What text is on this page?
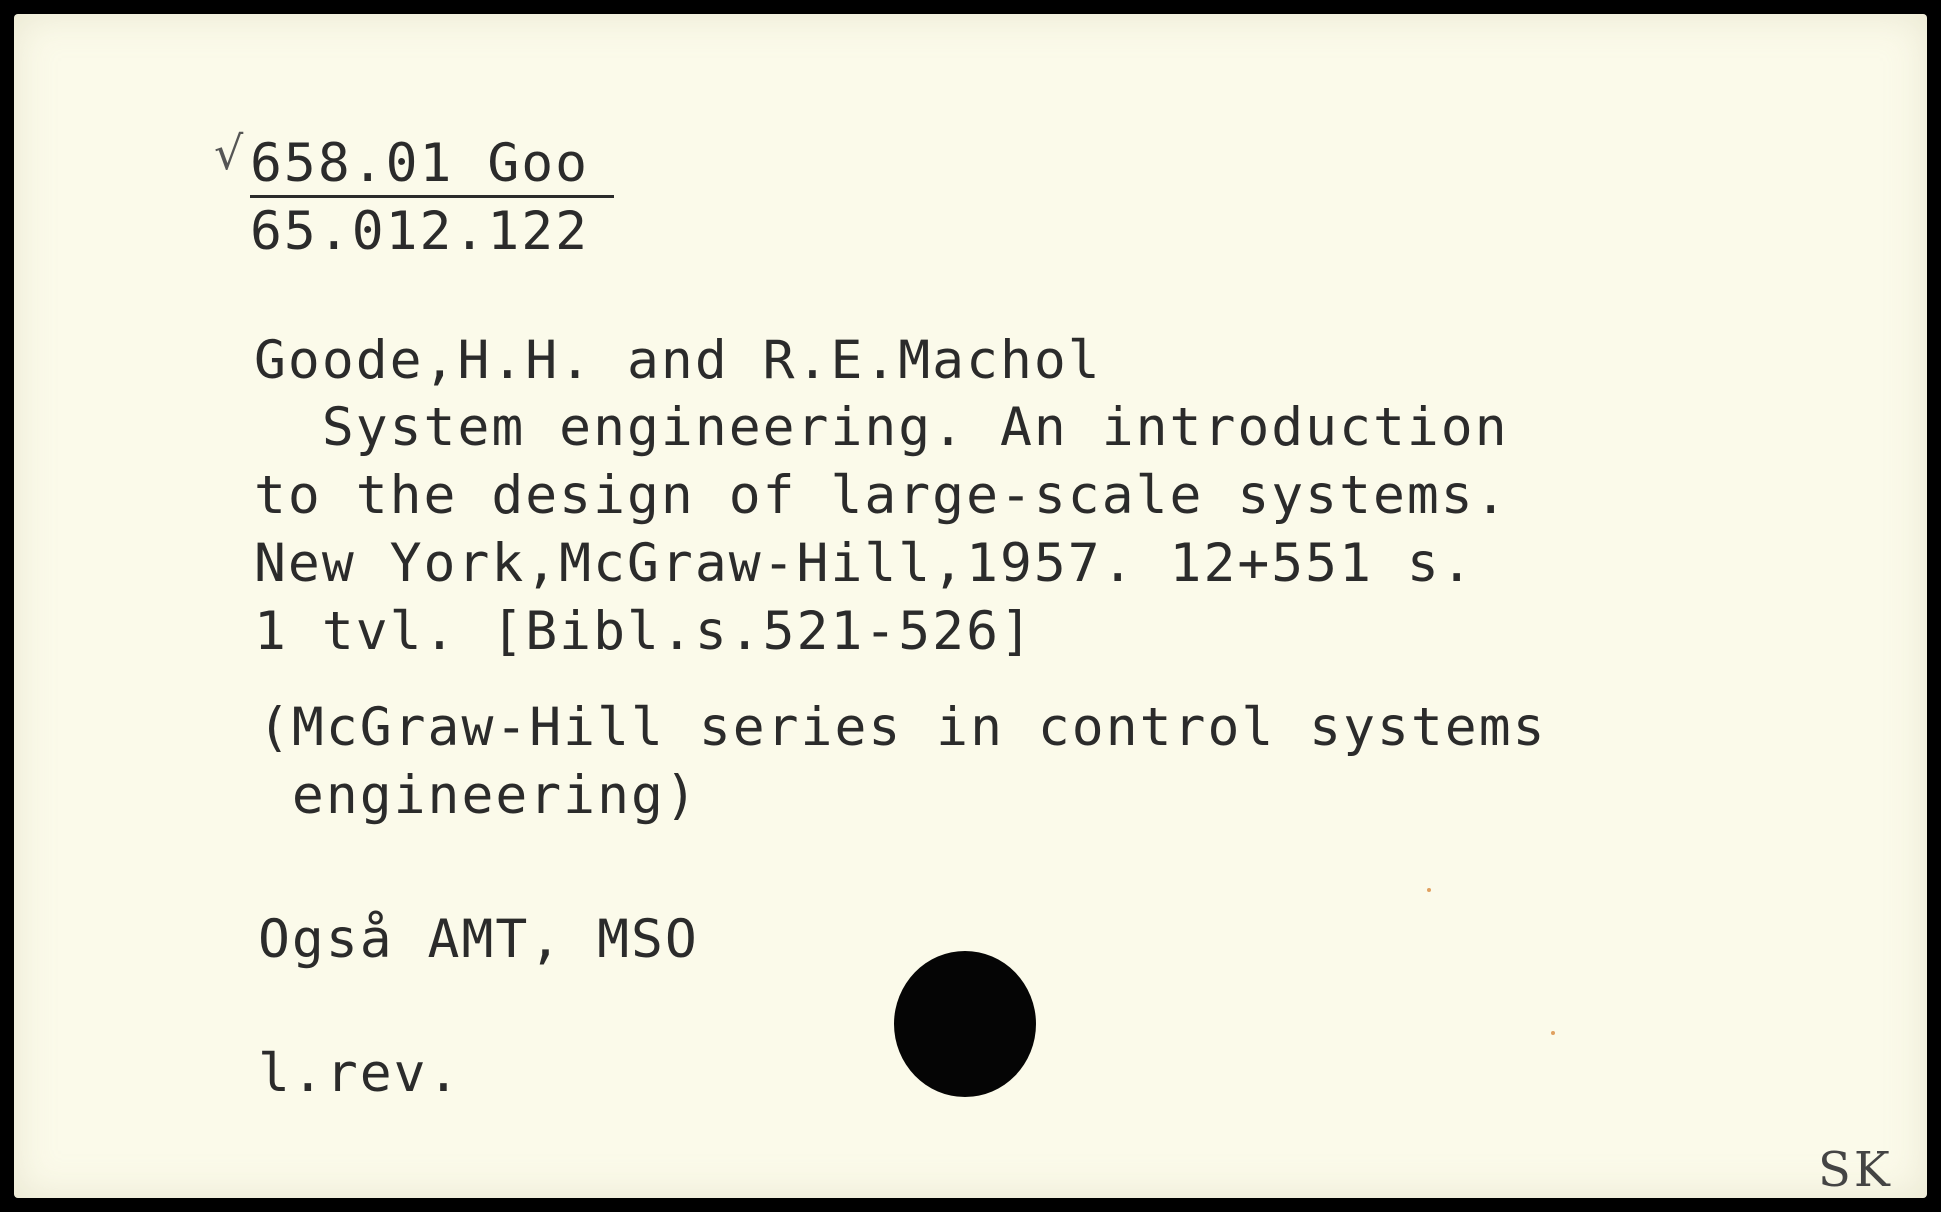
√ 658.01 Goo
65.012.122
Goode,H.H. and R.E.Machol
System engineering. An introduction
to the design of large-scale systems.
New York,McGraw-Hill,1957. 12+551 s.
1 tvl. [Bibl.s.521-526]
(McGraw-Hill series in control systems
engineering)
Også AMT, MSO
l.rev.
SK
